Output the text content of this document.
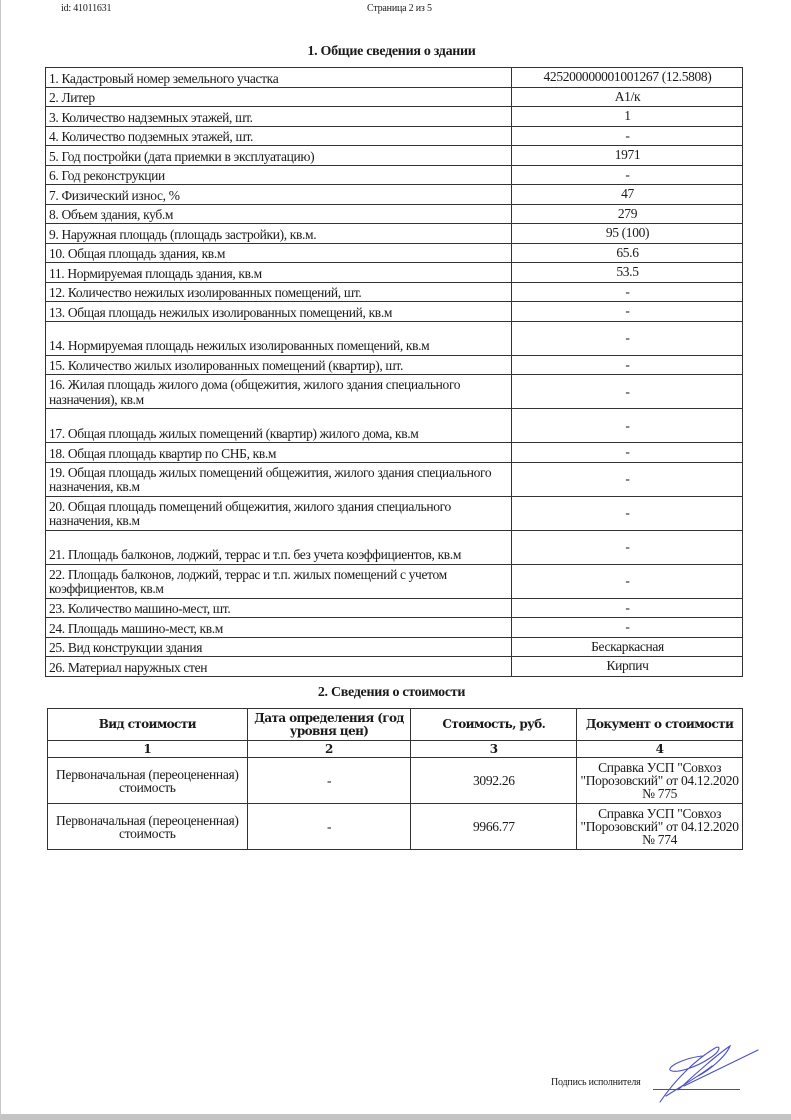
id: 41011631	Страница 2 из 5
1. Общие сведения о здании
1. Кадастровый номер земельного участка	425200000001001267 (12.5808)
2. Литер	А1/к
3. Количество надземных этажей, шт.	1
4. Количество подземных этажей, шт.	-
5. Год постройки (дата приемки в эксплуатацию)	1971
6. Год реконструкции	-
7. Физический износ, %	47
8. Объем здания, куб.м	279
9. Наружная площадь (площадь застройки), кв.м.	95 (100)
10. Общая площадь здания, кв.м	65.6
11. Нормируемая площадь здания, кв.м	53.5
12. Количество нежилых изолированных помещений, шт.	-
13. Общая площадь нежилых изолированных помещений, кв.м	-
14. Нормируемая площадь нежилых изолированных помещений, кв.м	-
15. Количество жилых изолированных помещений (квартир), шт.	-
16. Жилая площадь жилого дома (общежития, жилого здания специального назначения), кв.м	-
17. Общая площадь жилых помещений (квартир) жилого дома, кв.м	-
18. Общая площадь квартир по СНБ, кв.м	-
19. Общая площадь жилых помещений общежития, жилого здания специального назначения, кв.м	-
20. Общая площадь помещений общежития, жилого здания специального назначения, кв.м	-
21. Площадь балконов, лоджий, террас и т.п. без учета коэффициентов, кв.м	-
22. Площадь балконов, лоджий, террас и т.п. жилых помещений с учетом коэффициентов, кв.м	-
23. Количество машино-мест, шт.	-
24. Площадь машино-мест, кв.м	-
25. Вид конструкции здания	Бескаркасная
26. Материал наружных стен	Кирпич
2. Сведения о стоимости
Вид стоимости	Дата определения (год уровня цен)	Стоимость, руб.	Документ о стоимости
1	2	3	4
Первоначальная (переоцененная) стоимость	-	3092.26	Справка УСП "Совхоз "Порозовский" от 04.12.2020 № 775
Первоначальная (переоцененная) стоимость	-	9966.77	Справка УСП "Совхоз "Порозовский" от 04.12.2020 № 774
Подпись исполнителя
